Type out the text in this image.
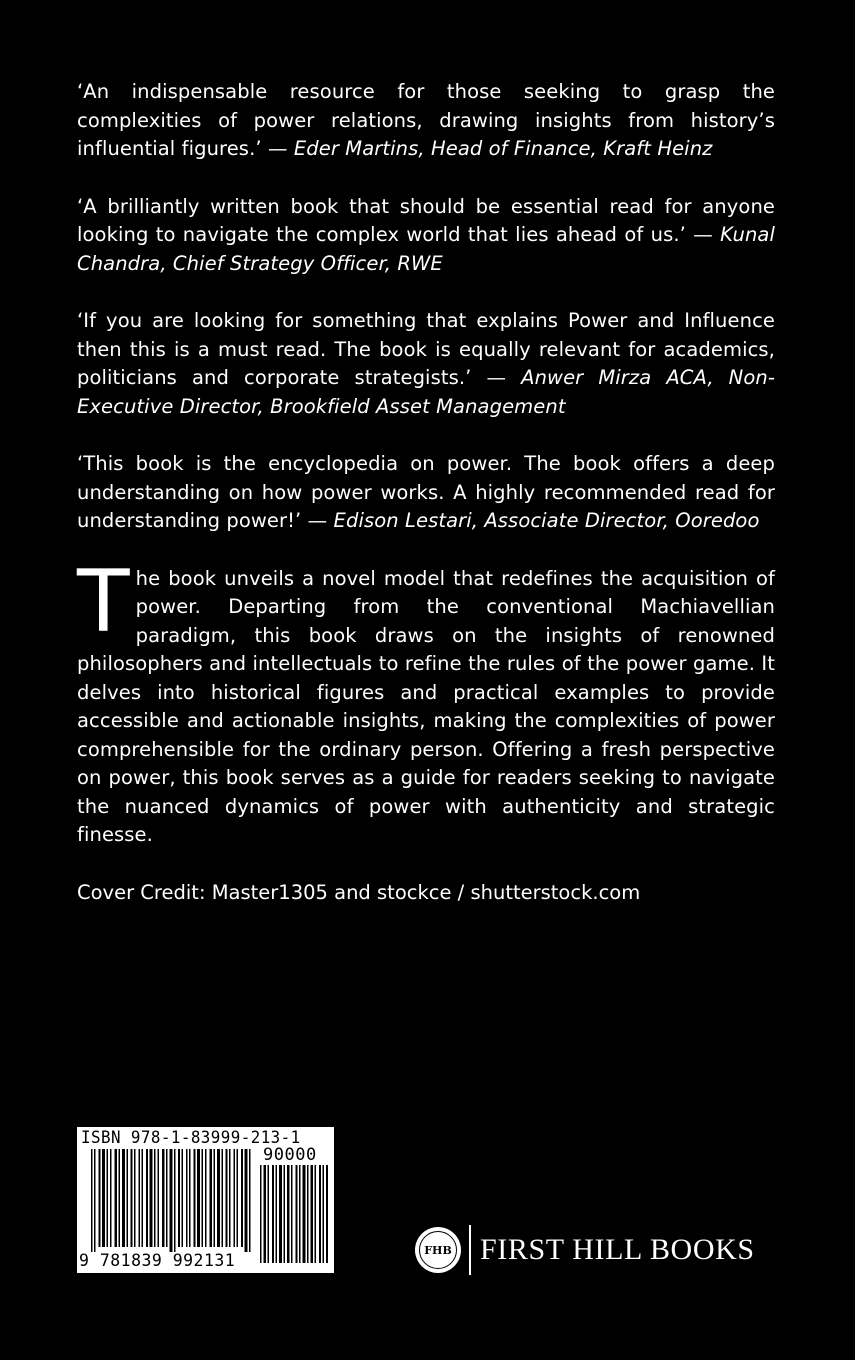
‘An indispensable resource for those seeking to grasp the complexities of power relations, drawing insights from history’s influential figures.’ — Eder Martins, Head of Finance, Kraft Heinz

‘A brilliantly written book that should be essential read for anyone looking to navigate the complex world that lies ahead of us.’ — Kunal Chandra, Chief Strategy Officer, RWE

‘If you are looking for something that explains Power and Influence then this is a must read. The book is equally relevant for academics, politicians and corporate strategists.’ — Anwer Mirza ACA, Non-Executive Director, Brookfield Asset Management

‘This book is the encyclopedia on power. The book offers a deep understanding on how power works. A highly recommended read for understanding power!’ — Edison Lestari, Associate Director, Ooredoo

The book unveils a novel model that redefines the acquisition of power. Departing from the conventional Machiavellian paradigm, this book draws on the insights of renowned philosophers and intellectuals to refine the rules of the power game. It delves into historical figures and practical examples to provide accessible and actionable insights, making the complexities of power comprehensible for the ordinary person. Offering a fresh perspective on power, this book serves as a guide for readers seeking to navigate the nuanced dynamics of power with authenticity and strategic finesse.

Cover Credit: Master1305 and stockce / shutterstock.com

ISBN 978-1-83999-213-1
90000
9 781839 992131
FHB FIRST HILL BOOKS
